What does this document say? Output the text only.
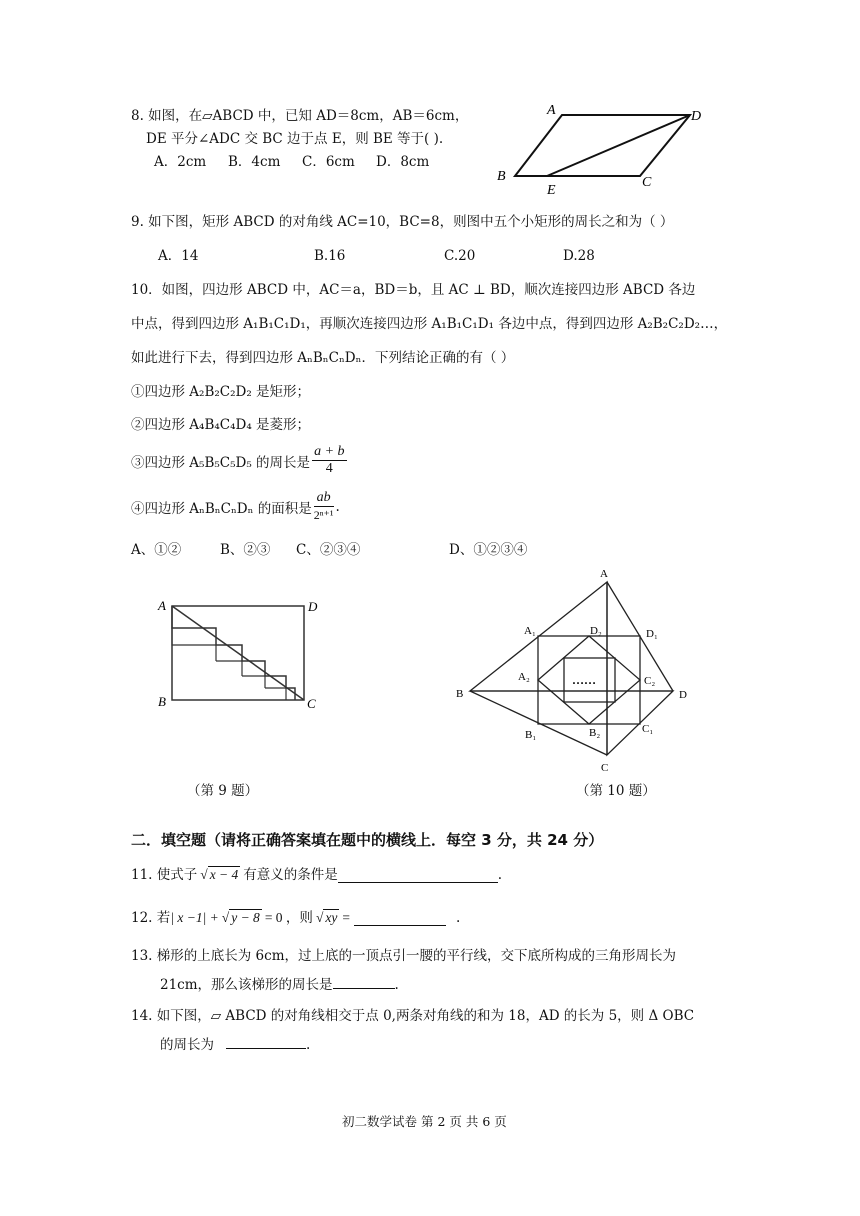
8. 如图，在▱ABCD 中，已知 AD＝8cm，AB＝6cm，
DE 平分∠ADC 交 BC 边于点 E，则 BE 等于( ).
A．2cm B．4cm C．6cm D．8cm
A	D
B
E
C
9. 如下图，矩形 ABCD 的对角线 AC=10，BC=8，则图中五个小矩形的周长之和为（ ）
A．14	B.16	C.20	D.28
10．如图，四边形 ABCD 中，AC＝a，BD＝b，且 AC ⊥ BD，顺次连接四边形 ABCD 各边
中点，得到四边形 A₁B₁C₁D₁，再顺次连接四边形 A₁B₁C₁D₁ 各边中点，得到四边形 A₂B₂C₂D₂…，
如此进行下去，得到四边形 AₙBₙCₙDₙ．下列结论正确的有（ ）
①四边形 A₂B₂C₂D₂ 是矩形；
②四边形 A₄B₄C₄D₄ 是菱形；
③四边形 A₅B₅C₅D₅ 的周长是 $\frac{a + b}{4}$
④四边形 AₙBₙCₙDₙ 的面积是 $\frac{ab}{\text{2ⁿ⁺¹}}$ .
A、①②	B、②③ C、②③④	D、①②③④
A	D
B	C
A
A₁	D₂	D₁
A₂	C₂
B	D
……
B₁	B₂	C₁
C
（第 9 题）	（第 10 题）
二．填空题（请将正确答案填在题中的横线上．每空 3 分，共 24 分）
11. 使式子 √ x − 4 有意义的条件是	.
12. 若 | x −1| + √ y − 8 = 0 ，则 √ xy =	.
13. 梯形的上底长为 6cm，过上底的一顶点引一腰的平行线，交下底所构成的三角形周长为
21cm，那么该梯形的周长是	.
14. 如下图，▱ ABCD 的对角线相交于点 0,两条对角线的和为 18，AD 的长为 5，则 Δ OBC
的周长为	.
初二数学试卷 第 2 页 共 6 页
